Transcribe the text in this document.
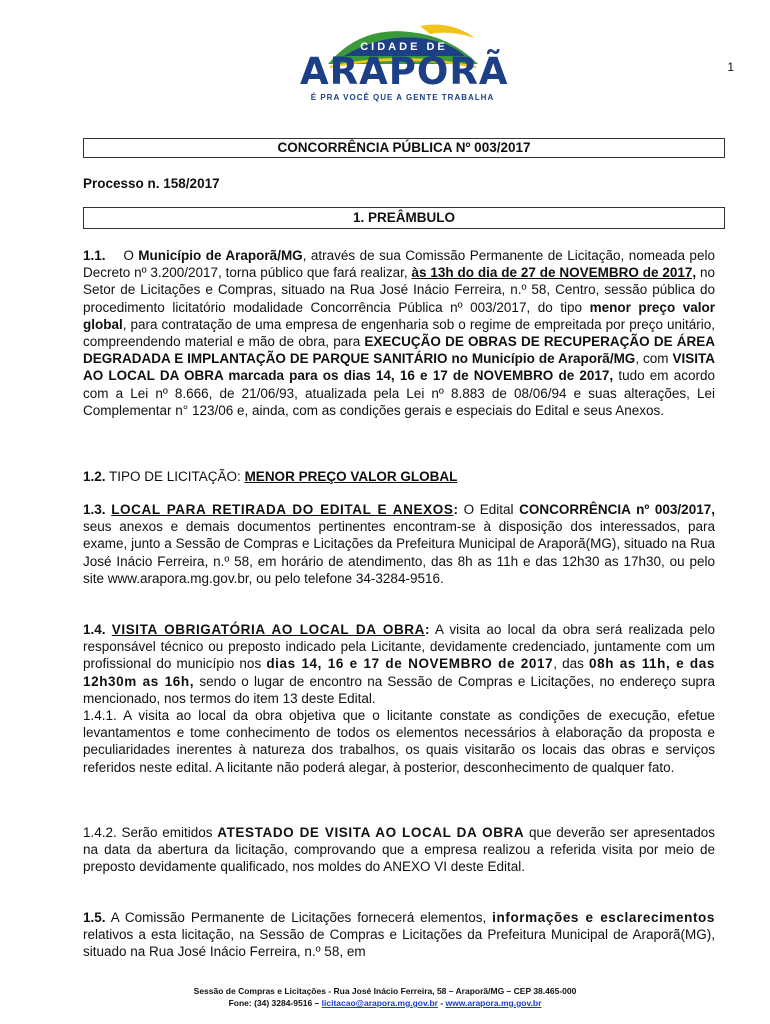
1
CIDADE DE
ARAPORÃ
É PRA VOCÊ QUE A GENTE TRABALHA
CONCORRÊNCIA PÚBLICA Nº 003/2017
Processo n. 158/2017
1. PREÂMBULO

1.1. O Município de Araporã/MG, através de sua Comissão Permanente de Licitação, nomeada pelo Decreto nº 3.200/2017, torna público que fará realizar, às 13h do dia de 27 de NOVEMBRO de 2017, no Setor de Licitações e Compras, situado na Rua José Inácio Ferreira, n.º 58, Centro, sessão pública do procedimento licitatório modalidade Concorrência Pública nº 003/2017, do tipo menor preço valor global, para contratação de uma empresa de engenharia sob o regime de empreitada por preço unitário, compreendendo material e mão de obra, para EXECUÇÃO DE OBRAS DE RECUPERAÇÃO DE ÁREA DEGRADADA E IMPLANTAÇÃO DE PARQUE SANITÁRIO no Município de Araporã/MG, com VISITA AO LOCAL DA OBRA marcada para os dias 14, 16 e 17 de NOVEMBRO de 2017, tudo em acordo com a Lei nº 8.666, de 21/06/93, atualizada pela Lei nº 8.883 de 08/06/94 e suas alterações, Lei Complementar n° 123/06 e, ainda, com as condições gerais e especiais do Edital e seus Anexos.

1.2. TIPO DE LICITAÇÃO: MENOR PREÇO VALOR GLOBAL

1.3. LOCAL PARA RETIRADA DO EDITAL E ANEXOS: O Edital CONCORRÊNCIA nº 003/2017, seus anexos e demais documentos pertinentes encontram-se à disposição dos interessados, para exame, junto a Sessão de Compras e Licitações da Prefeitura Municipal de Araporã(MG), situado na Rua José Inácio Ferreira, n.º 58, em horário de atendimento, das 8h as 11h e das 12h30 as 17h30, ou pelo site www.arapora.mg.gov.br, ou pelo telefone 34-3284-9516.

1.4. VISITA OBRIGATÓRIA AO LOCAL DA OBRA: A visita ao local da obra será realizada pelo responsável técnico ou preposto indicado pela Licitante, devidamente credenciado, juntamente com um profissional do município nos dias 14, 16 e 17 de NOVEMBRO de 2017, das 08h as 11h, e das 12h30m as 16h, sendo o lugar de encontro na Sessão de Compras e Licitações, no endereço supra mencionado, nos termos do item 13 deste Edital.

1.4.1. A visita ao local da obra objetiva que o licitante constate as condições de execução, efetue levantamentos e tome conhecimento de todos os elementos necessários à elaboração da proposta e peculiaridades inerentes à natureza dos trabalhos, os quais visitarão os locais das obras e serviços referidos neste edital. A licitante não poderá alegar, à posterior, desconhecimento de qualquer fato.

1.4.2. Serão emitidos ATESTADO DE VISITA AO LOCAL DA OBRA que deverão ser apresentados na data da abertura da licitação, comprovando que a empresa realizou a referida visita por meio de preposto devidamente qualificado, nos moldes do ANEXO VI deste Edital.

1.5. A Comissão Permanente de Licitações fornecerá elementos, informações e esclarecimentos relativos a esta licitação, na Sessão de Compras e Licitações da Prefeitura Municipal de Araporã(MG), situado na Rua José Inácio Ferreira, n.º 58, em

Sessão de Compras e Licitações - Rua José Inácio Ferreira, 58 – Araporã/MG – CEP 38.465-000
Fone: (34) 3284-9516 – licitacao@arapora.mg.gov.br - www.arapora.mg.gov.br
